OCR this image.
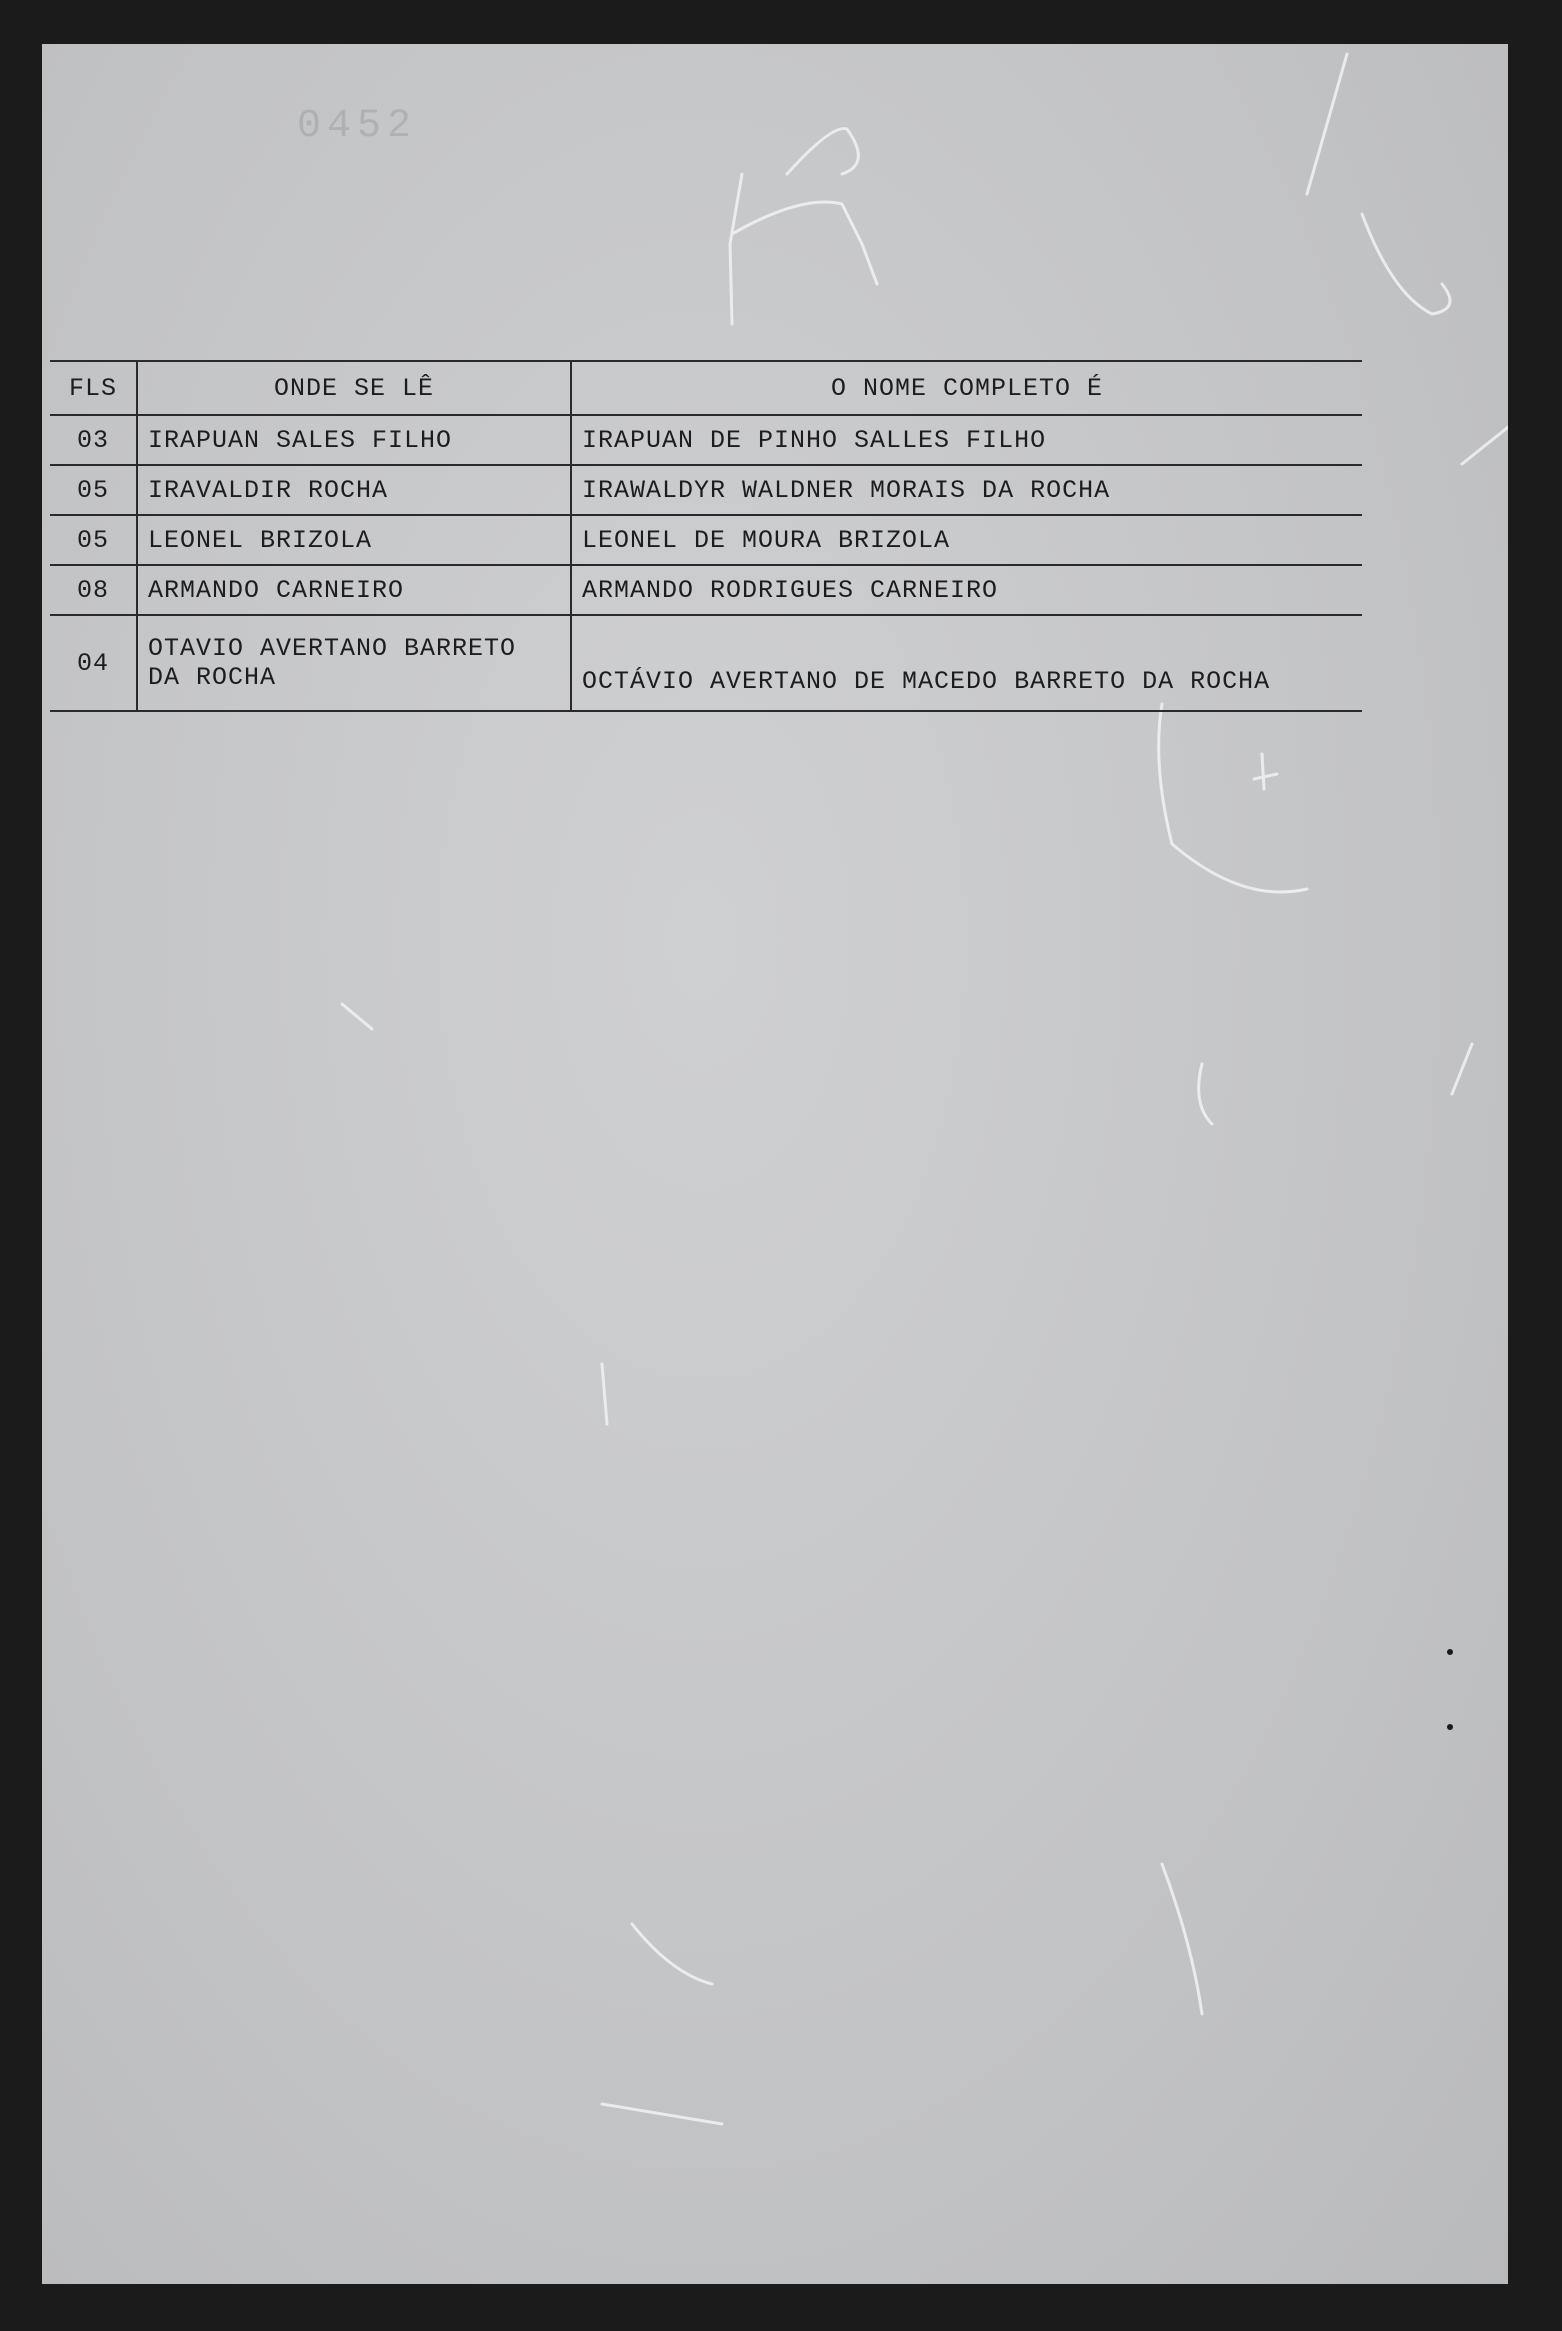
0452
FLS	ONDE SE LÊ	O NOME COMPLETO É
03	IRAPUAN SALES FILHO	IRAPUAN DE PINHO SALLES FILHO
05	IRAVALDIR ROCHA	IRAWALDYR WALDNER MORAIS DA ROCHA
05	LEONEL BRIZOLA	LEONEL DE MOURA BRIZOLA
08	ARMANDO CARNEIRO	ARMANDO RODRIGUES CARNEIRO
04	OTAVIO AVERTANO BARRETO DA ROCHA	OCTÁVIO AVERTANO DE MACEDO BARRETO DA ROCHA
